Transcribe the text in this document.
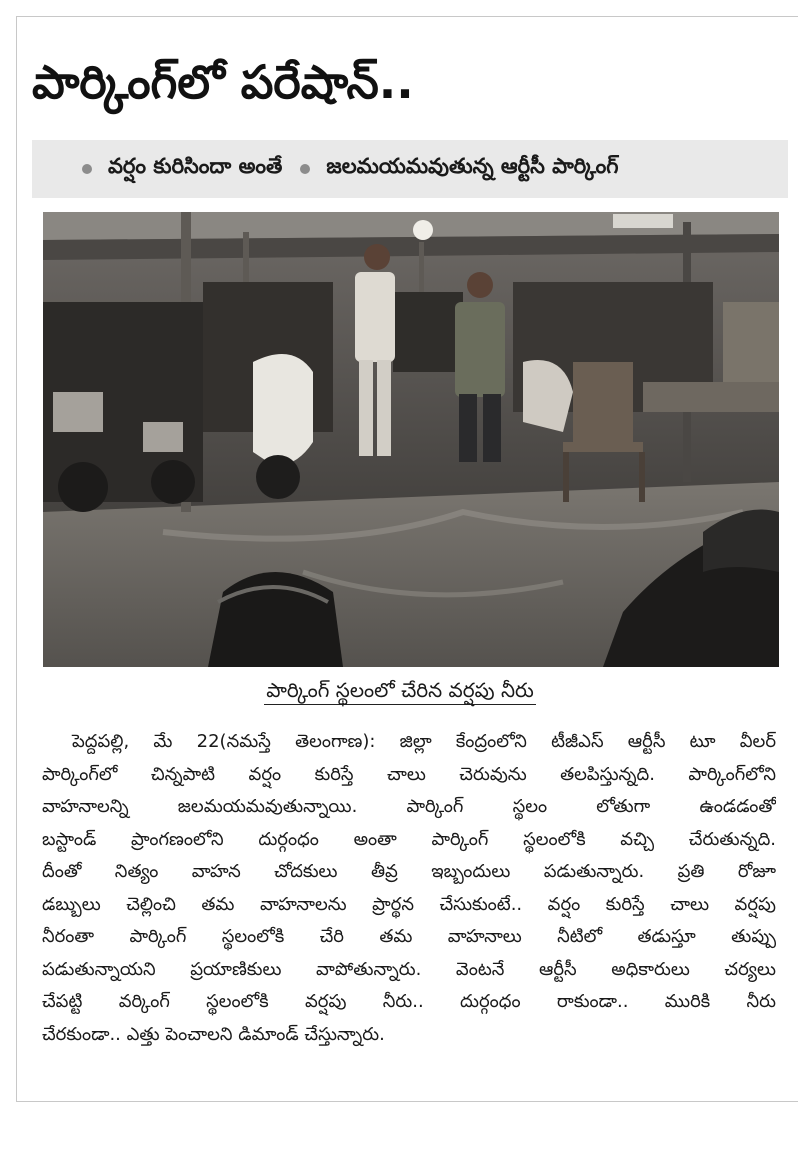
పార్కింగ్‌లో పరేషాన్..
వర్షం కురిసిందా అంతే జలమయమవుతున్న ఆర్టీసీ పార్కింగ్
పార్కింగ్ స్థలంలో చేరిన వర్షపు నీరు
పెద్దపల్లి, మే 22(నమస్తే తెలంగాణ): జిల్లా కేంద్రంలోని టీజీఎస్ ఆర్టీసీ టూ వీలర్
పార్కింగ్‌లో చిన్నపాటి వర్షం కురిస్తే చాలు చెరువును తలపిస్తున్నది. పార్కింగ్‌లోని
వాహనాలన్ని జలమయమవుతున్నాయి. పార్కింగ్ స్థలం లోతుగా ఉండడంతో
బస్టాండ్ ప్రాంగణంలోని దుర్గంధం అంతా పార్కింగ్ స్థలంలోకి వచ్చి చేరుతున్నది.
దీంతో నిత్యం వాహన చోదకులు తీవ్ర ఇబ్బందులు పడుతున్నారు. ప్రతి రోజూ
డబ్బులు చెల్లించి తమ వాహనాలను ప్రార్థన చేసుకుంటే.. వర్షం కురిస్తే చాలు వర్షపు
నీరంతా పార్కింగ్ స్థలంలోకి చేరి తమ వాహనాలు నీటిలో తడుస్తూ తుప్పు
పడుతున్నాయని ప్రయాణికులు వాపోతున్నారు. వెంటనే ఆర్టీసీ అధికారులు చర్యలు
చేపట్టి వర్కింగ్ స్థలంలోకి వర్షపు నీరు.. దుర్గంధం రాకుండా.. మురికి నీరు
చేరకుండా.. ఎత్తు పెంచాలని డిమాండ్ చేస్తున్నారు.
